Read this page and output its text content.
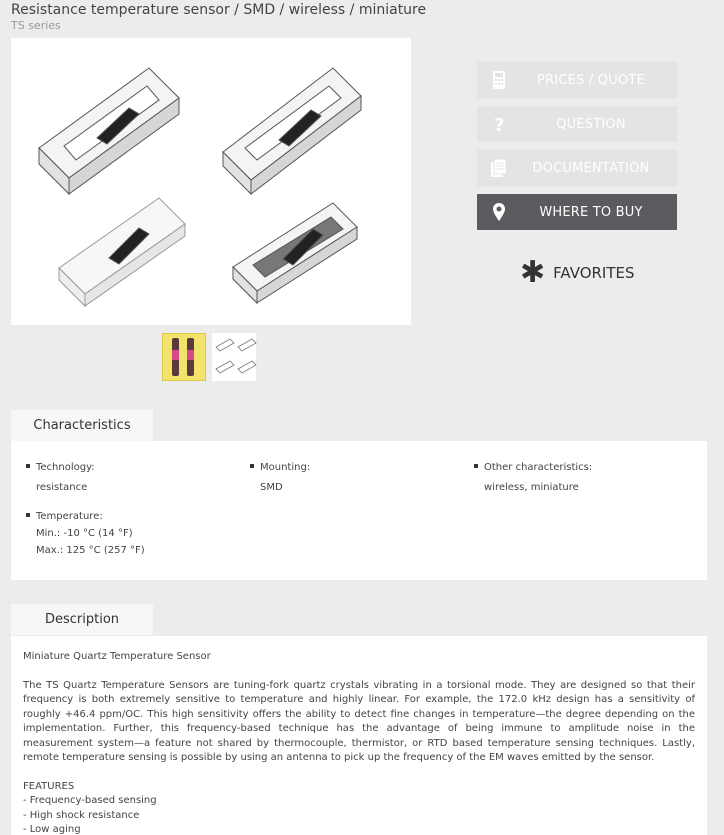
Resistance temperature sensor / SMD / wireless / miniature
TS series
PRICES / QUOTE
?	QUESTION
DOCUMENTATION
WHERE TO BUY
✱ FAVORITES
Characteristics
Technology:
resistance
Mounting:
SMD
Other characteristics:
wireless, miniature
Temperature:
Min.: -10 °C (14 °F)
Max.: 125 °C (257 °F)
Description

Miniature Quartz Temperature Sensor

The TS Quartz Temperature Sensors are tuning-fork quartz crystals vibrating in a torsional mode. They are designed so that their frequency is both extremely sensitive to temperature and highly linear. For example, the 172.0 kHz design has a sensitivity of roughly +46.4 ppm/OC. This high sensitivity offers the ability to detect fine changes in temperature—the degree depending on the implementation. Further, this frequency-based technique has the advantage of being immune to amplitude noise in the measurement system—a feature not shared by thermocouple, thermistor, or RTD based temperature sensing techniques. Lastly, remote temperature sensing is possible by using an antenna to pick up the frequency of the EM waves emitted by the sensor.

FEATURES
- Frequency-based sensing
- High shock resistance
- Low aging
